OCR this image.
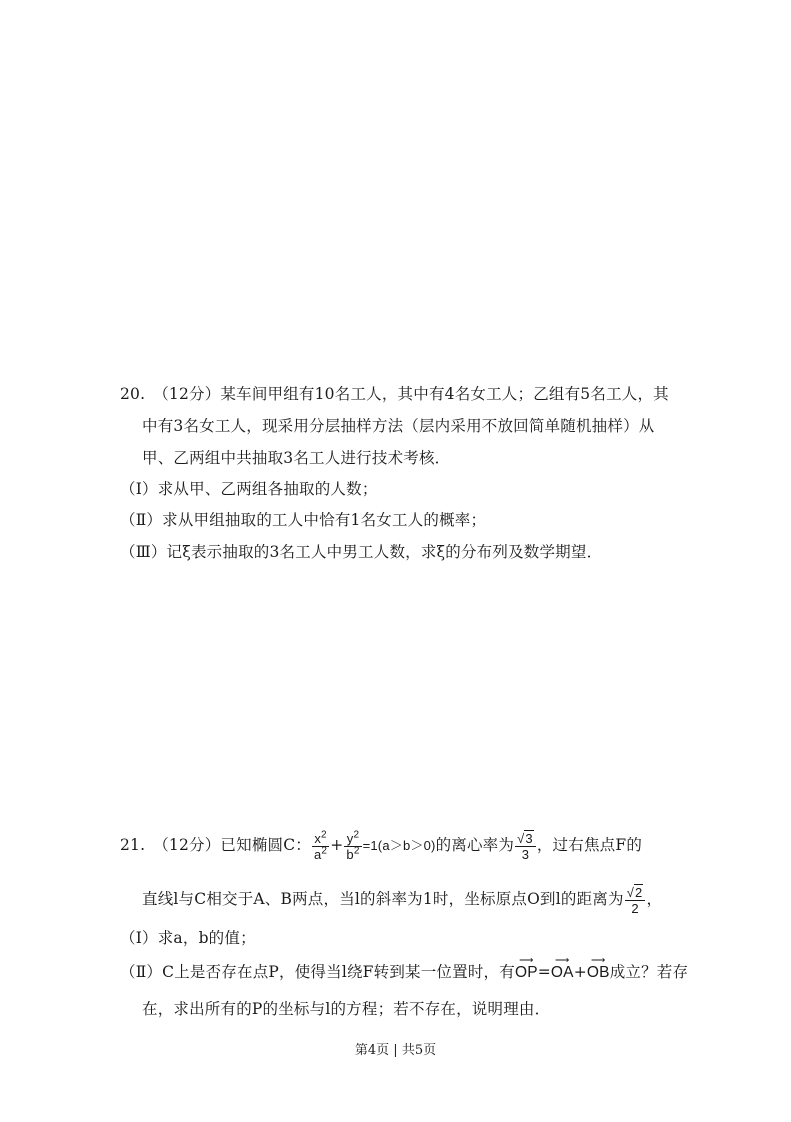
20.　（12分）某车间甲组有10名工人，其中有4名女工人；乙组有5名工人，其
中有3名女工人，现采用分层抽样方法（层内采用不放回简单随机抽样）从
甲、乙两组中共抽取3名工人进行技术考核．
（Ⅰ）求从甲、乙两组各抽取的人数；
（Ⅱ）求从甲组抽取的工人中恰有1名女工人的概率；
（Ⅲ）记ξ表示抽取的3名工人中男工人数，求ξ的分布列及数学期望．
21.　（12分）已知椭圆C： $\frac{x^2}{a^2} + \frac{y^2}{b^2} =1(a>b>0)$的离心率为 $\frac{√3}{3}$ ，过右焦点F的
直线l与C相交于A、B两点，当l的斜率为1时，坐标原点O到l的距离为 $\frac{√2}{2}$ ，
（Ⅰ）求a，b的值；
（Ⅱ）C上是否存在点P，使得当l绕F转到某一位置时，有
⟶
OP=
⟶
OA+
⟶
OB成立？若存
在，求出所有的P的坐标与l的方程；若不存在，说明理由．
第4页 | 共5页
